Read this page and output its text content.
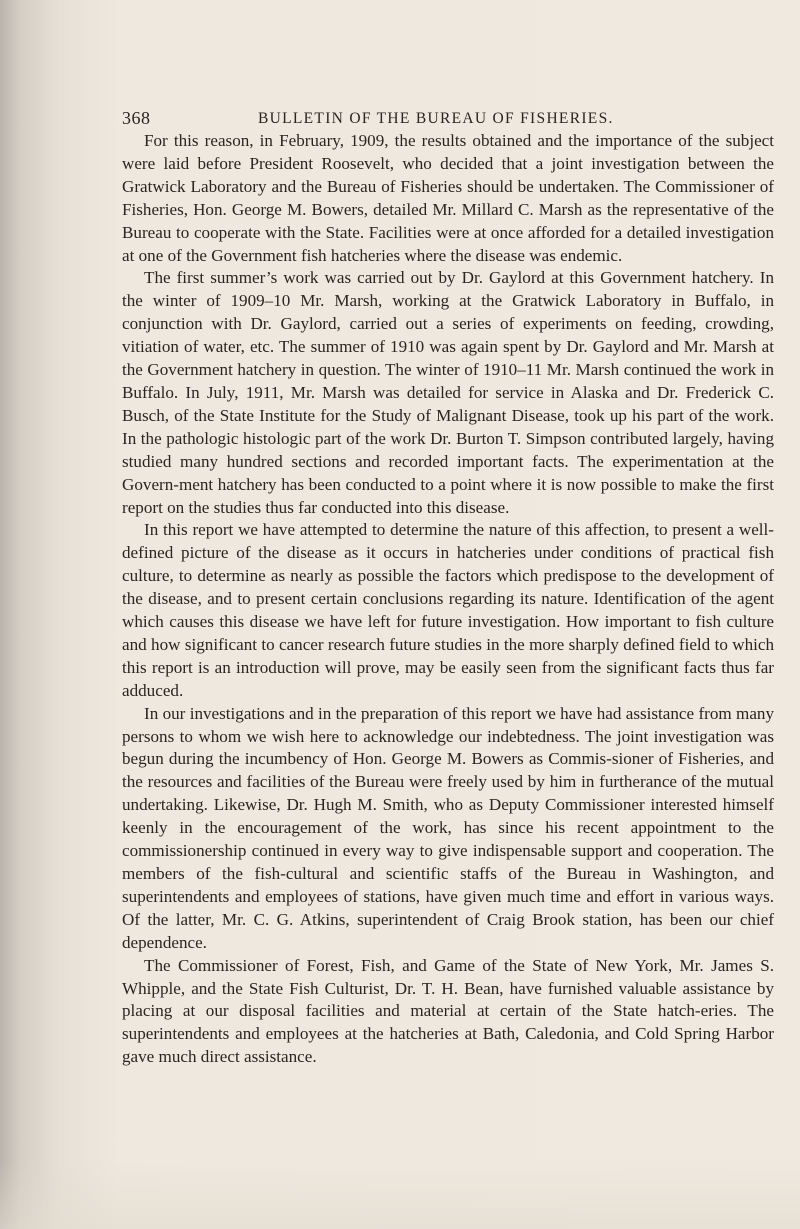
368	BULLETIN OF THE BUREAU OF FISHERIES.

For this reason, in February, 1909, the results obtained and the importance of the subject were laid before President Roosevelt, who decided that a joint investigation between the Gratwick Laboratory and the Bureau of Fisheries should be undertaken. The Commissioner of Fisheries, Hon. George M. Bowers, detailed Mr. Millard C. Marsh as the representative of the Bureau to cooperate with the State. Facilities were at once afforded for a detailed investigation at one of the Government fish hatcheries where the disease was endemic.

The first summer’s work was carried out by Dr. Gaylord at this Government hatchery. In the winter of 1909–10 Mr. Marsh, working at the Gratwick Laboratory in Buffalo, in conjunction with Dr. Gaylord, carried out a series of experiments on feeding, crowding, vitiation of water, etc. The summer of 1910 was again spent by Dr. Gaylord and Mr. Marsh at the Government hatchery in question. The winter of 1910–11 Mr. Marsh continued the work in Buffalo. In July, 1911, Mr. Marsh was detailed for service in Alaska and Dr. Frederick C. Busch, of the State Institute for the Study of Malignant Disease, took up his part of the work. In the pathologic histologic part of the work Dr. Burton T. Simpson contributed largely, having studied many hundred sections and recorded important facts. The experimentation at the Govern-ment hatchery has been conducted to a point where it is now possible to make the first report on the studies thus far conducted into this disease.

In this report we have attempted to determine the nature of this affection, to present a well-defined picture of the disease as it occurs in hatcheries under conditions of practical fish culture, to determine as nearly as possible the factors which predispose to the development of the disease, and to present certain conclusions regarding its nature. Identification of the agent which causes this disease we have left for future investigation. How important to fish culture and how significant to cancer research future studies in the more sharply defined field to which this report is an introduction will prove, may be easily seen from the significant facts thus far adduced.

In our investigations and in the preparation of this report we have had assistance from many persons to whom we wish here to acknowledge our indebtedness. The joint investigation was begun during the incumbency of Hon. George M. Bowers as Commis-sioner of Fisheries, and the resources and facilities of the Bureau were freely used by him in furtherance of the mutual undertaking. Likewise, Dr. Hugh M. Smith, who as Deputy Commissioner interested himself keenly in the encouragement of the work, has since his recent appointment to the commissionership continued in every way to give indispensable support and cooperation. The members of the fish-cultural and scientific staffs of the Bureau in Washington, and superintendents and employees of stations, have given much time and effort in various ways. Of the latter, Mr. C. G. Atkins, superintendent of Craig Brook station, has been our chief dependence.

The Commissioner of Forest, Fish, and Game of the State of New York, Mr. James S. Whipple, and the State Fish Culturist, Dr. T. H. Bean, have furnished valuable assistance by placing at our disposal facilities and material at certain of the State hatch-eries. The superintendents and employees at the hatcheries at Bath, Caledonia, and Cold Spring Harbor gave much direct assistance.
